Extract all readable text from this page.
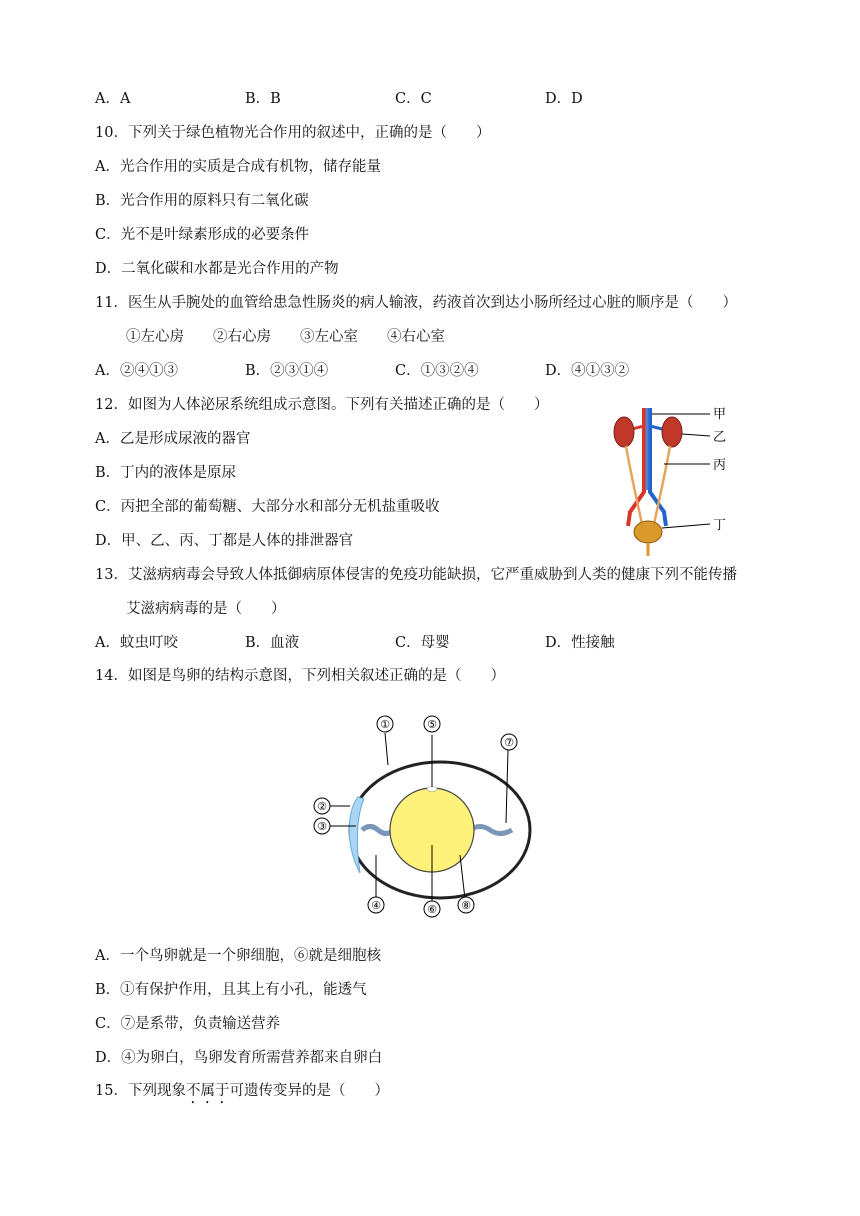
A．A	B．B	C．C	D．D
10．下列关于绿色植物光合作用的叙述中，正确的是（　　）
A．光合作用的实质是合成有机物，储存能量
B．光合作用的原料只有二氧化碳
C．光不是叶绿素形成的必要条件
D．二氧化碳和水都是光合作用的产物
11．医生从手腕处的血管给患急性肠炎的病人输液，药液首次到达小肠所经过心脏的顺序是（　　）
①左心房　　②右心房　　③左心室　　④右心室
A．②④①③	B．②③①④	C．①③②④	D．④①③②
12．如图为人体泌尿系统组成示意图。下列有关描述正确的是（　　）
A．乙是形成尿液的器官
B．丁内的液体是原尿
C．丙把全部的葡萄糖、大部分水和部分无机盐重吸收
D．甲、乙、丙、丁都是人体的排泄器官
甲
乙
丙
丁
13．艾滋病病毒会导致人体抵御病原体侵害的免疫功能缺损，它严重威胁到人类的健康下列不能传播
艾滋病病毒的是（　　）
A．蚊虫叮咬	B．血液	C．母婴	D．性接触
14．如图是鸟卵的结构示意图，下列相关叙述正确的是（　　）
①	⑤
⑦
②
③
④	⑥ ⑧
A．一个鸟卵就是一个卵细胞，⑥就是细胞核
B．①有保护作用，且其上有小孔，能透气
C．⑦是系带，负责输送营养
D．④为卵白，鸟卵发育所需营养都来自卵白
15．下列现象不属于可遗传变异的是（　　）
